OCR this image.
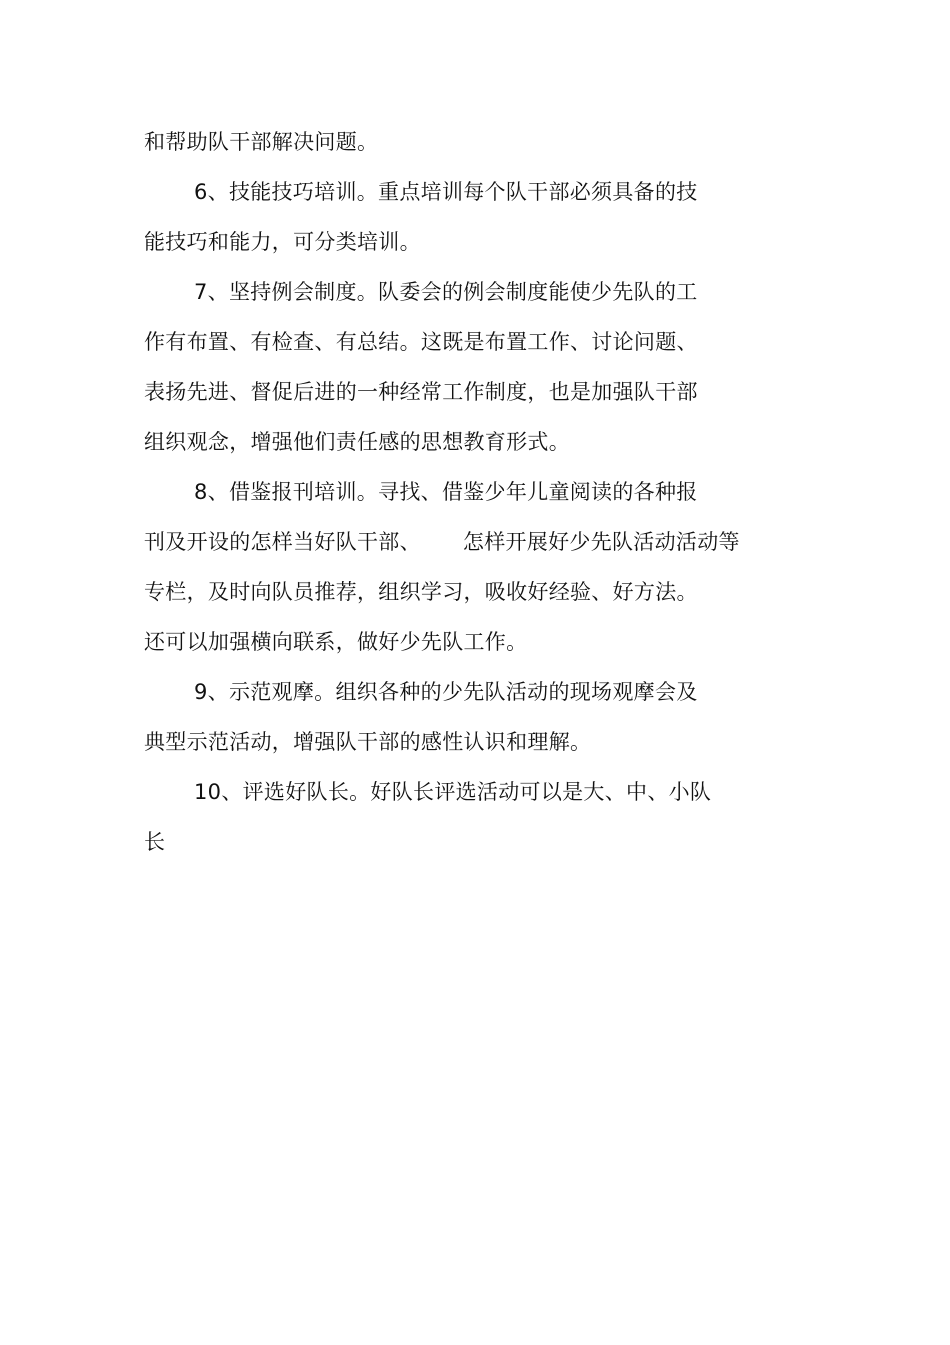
和帮助队干部解决问题。
6、技能技巧培训。重点培训每个队干部必须具备的技
能技巧和能力，可分类培训。
7、坚持例会制度。队委会的例会制度能使少先队的工
作有布置、有检查、有总结。这既是布置工作、讨论问题、
表扬先进、督促后进的一种经常工作制度，也是加强队干部
组织观念，增强他们责任感的思想教育形式。
8、借鉴报刊培训。寻找、借鉴少年儿童阅读的各种报
刊及开设的怎样当好队干部、 怎样开展好少先队活动活动等
专栏，及时向队员推荐，组织学习，吸收好经验、好方法。
还可以加强横向联系，做好少先队工作。
9、示范观摩。组织各种的少先队活动的现场观摩会及
典型示范活动，增强队干部的感性认识和理解。
10、评选好队长。好队长评选活动可以是大、中、小队
长
